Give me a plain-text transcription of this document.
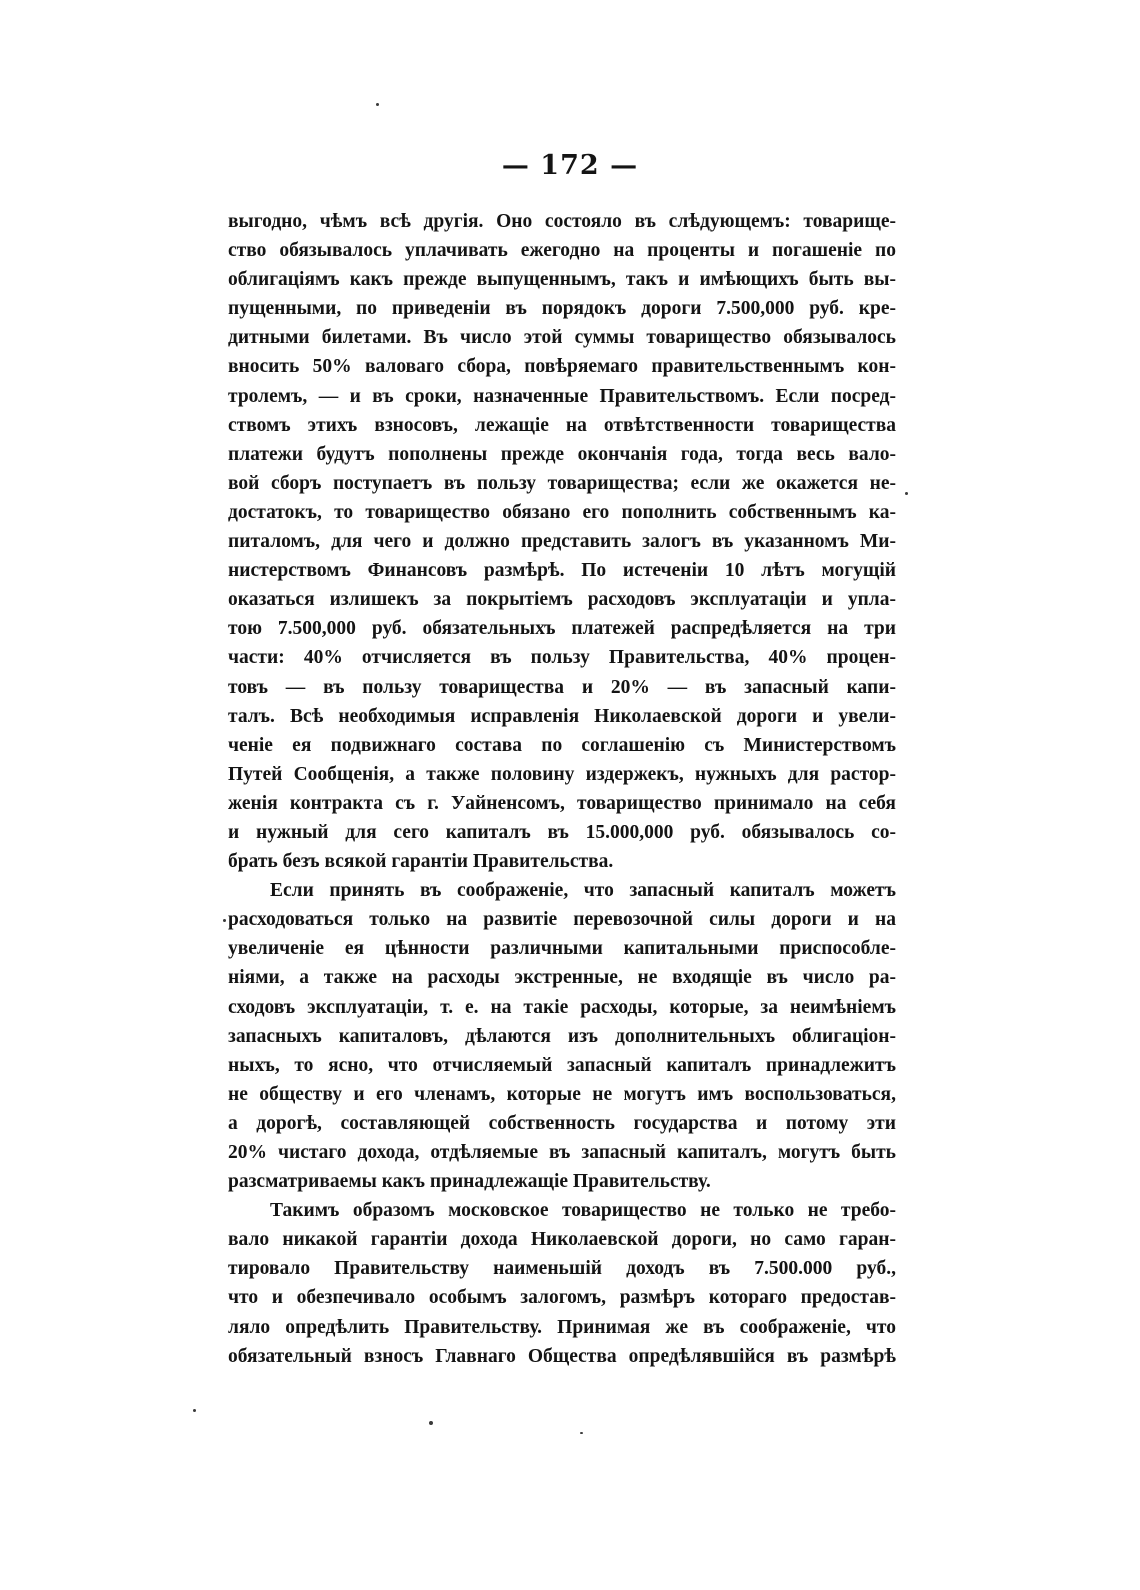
— 172 —
выгодно, чѣмъ всѣ другія. Оно состояло въ слѣдующемъ: товарище-
ство обязывалось уплачивать ежегодно на проценты и погашеніе по
облигаціямъ какъ прежде выпущеннымъ, такъ и имѣющихъ быть вы-
пущенными, по приведеніи въ порядокъ дороги 7.500,000 руб. кре-
дитными билетами. Въ число этой суммы товарищество обязывалось
вносить 50% валоваго сбора, повѣряемаго правительственнымъ кон-
тролемъ, — и въ сроки, назначенные Правительствомъ. Если посред-
ствомъ этихъ взносовъ, лежащіе на отвѣтственности товарищества
платежи будутъ пополнены прежде окончанія года, тогда весь вало-
вой сборъ поступаетъ въ пользу товарищества; если же окажется не-
достатокъ, то товарищество обязано его пополнить собственнымъ ка-
питаломъ, для чего и должно представить залогъ въ указанномъ Ми-
нистерствомъ Финансовъ размѣрѣ. По истеченіи 10 лѣтъ могущій
оказаться излишекъ за покрытіемъ расходовъ эксплуатаціи и упла-
тою 7.500,000 руб. обязательныхъ платежей распредѣляется на три
части: 40% отчисляется въ пользу Правительства, 40% процен-
товъ — въ пользу товарищества и 20% — въ запасный капи-
талъ. Всѣ необходимыя исправленія Николаевской дороги и увели-
ченіе ея подвижнаго состава по соглашенію съ Министерствомъ
Путей Сообщенія, а также половину издержекъ, нужныхъ для растор-
женія контракта съ г. Уайненсомъ, товарищество принимало на себя
и нужный для сего капиталъ въ 15.000,000 руб. обязывалось со-
брать безъ всякой гарантіи Правительства.
Если принять въ соображеніе, что запасный капиталъ можетъ
расходоваться только на развитіе перевозочной силы дороги и на
увеличеніе ея цѣнности различными капитальными приспособле-
ніями, а также на расходы экстренные, не входящіе въ число ра-
сходовъ эксплуатаціи, т. е. на такіе расходы, которые, за неимѣніемъ
запасныхъ капиталовъ, дѣлаются изъ дополнительныхъ облигаціон-
ныхъ, то ясно, что отчисляемый запасный капиталъ принадлежитъ
не обществу и его членамъ, которые не могутъ имъ воспользоваться,
а дорогѣ, составляющей собственность государства и потому эти
20% чистаго дохода, отдѣляемые въ запасный капиталъ, могутъ быть
разсматриваемы какъ принадлежащіе Правительству.
Такимъ образомъ московское товарищество не только не требо-
вало никакой гарантіи дохода Николаевской дороги, но само гаран-
тировало Правительству наименьшій доходъ въ 7.500.000 руб.,
что и обезпечивало особымъ залогомъ, размѣръ котораго предостав-
ляло опредѣлить Правительству. Принимая же въ соображеніе, что
обязательный взносъ Главнаго Общества опредѣлявшійся въ размѣрѣ
